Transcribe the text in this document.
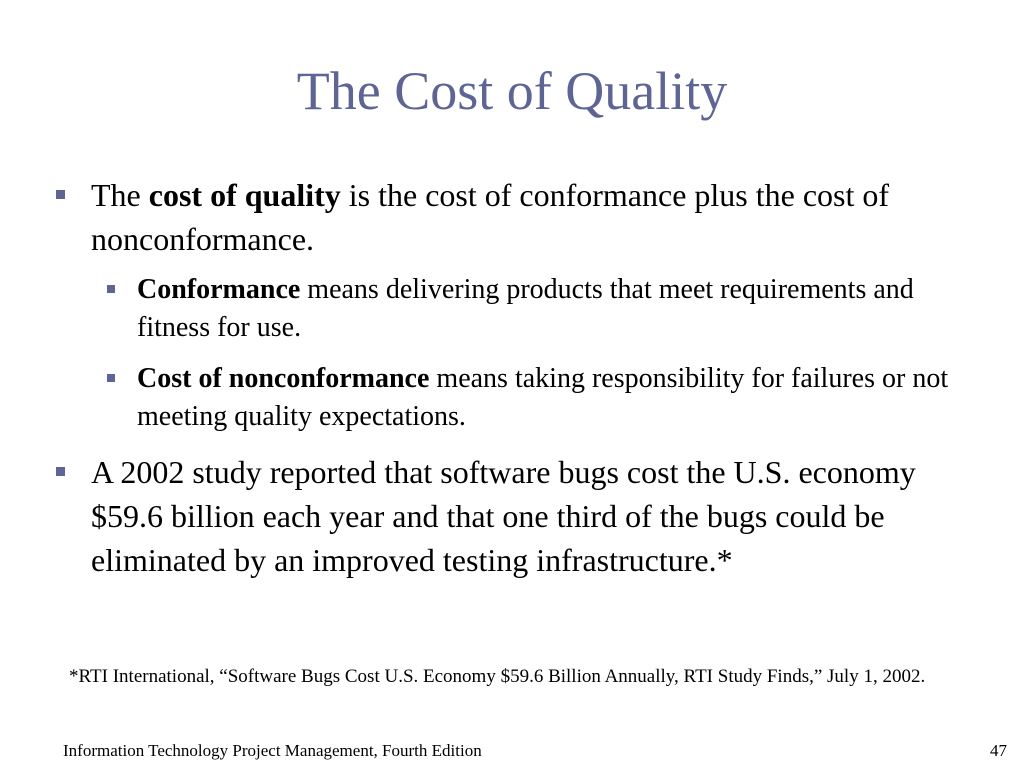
The Cost of Quality
The cost of quality is the cost of conformance plus the cost of nonconformance.
Conformance means delivering products that meet requirements and fitness for use.
Cost of nonconformance means taking responsibility for failures or not meeting quality expectations.
A 2002 study reported that software bugs cost the U.S. economy $59.6 billion each year and that one third of the bugs could be eliminated by an improved testing infrastructure.*
*RTI International, “Software Bugs Cost U.S. Economy $59.6 Billion Annually, RTI Study Finds,” July 1, 2002.
Information Technology Project Management, Fourth Edition	47
